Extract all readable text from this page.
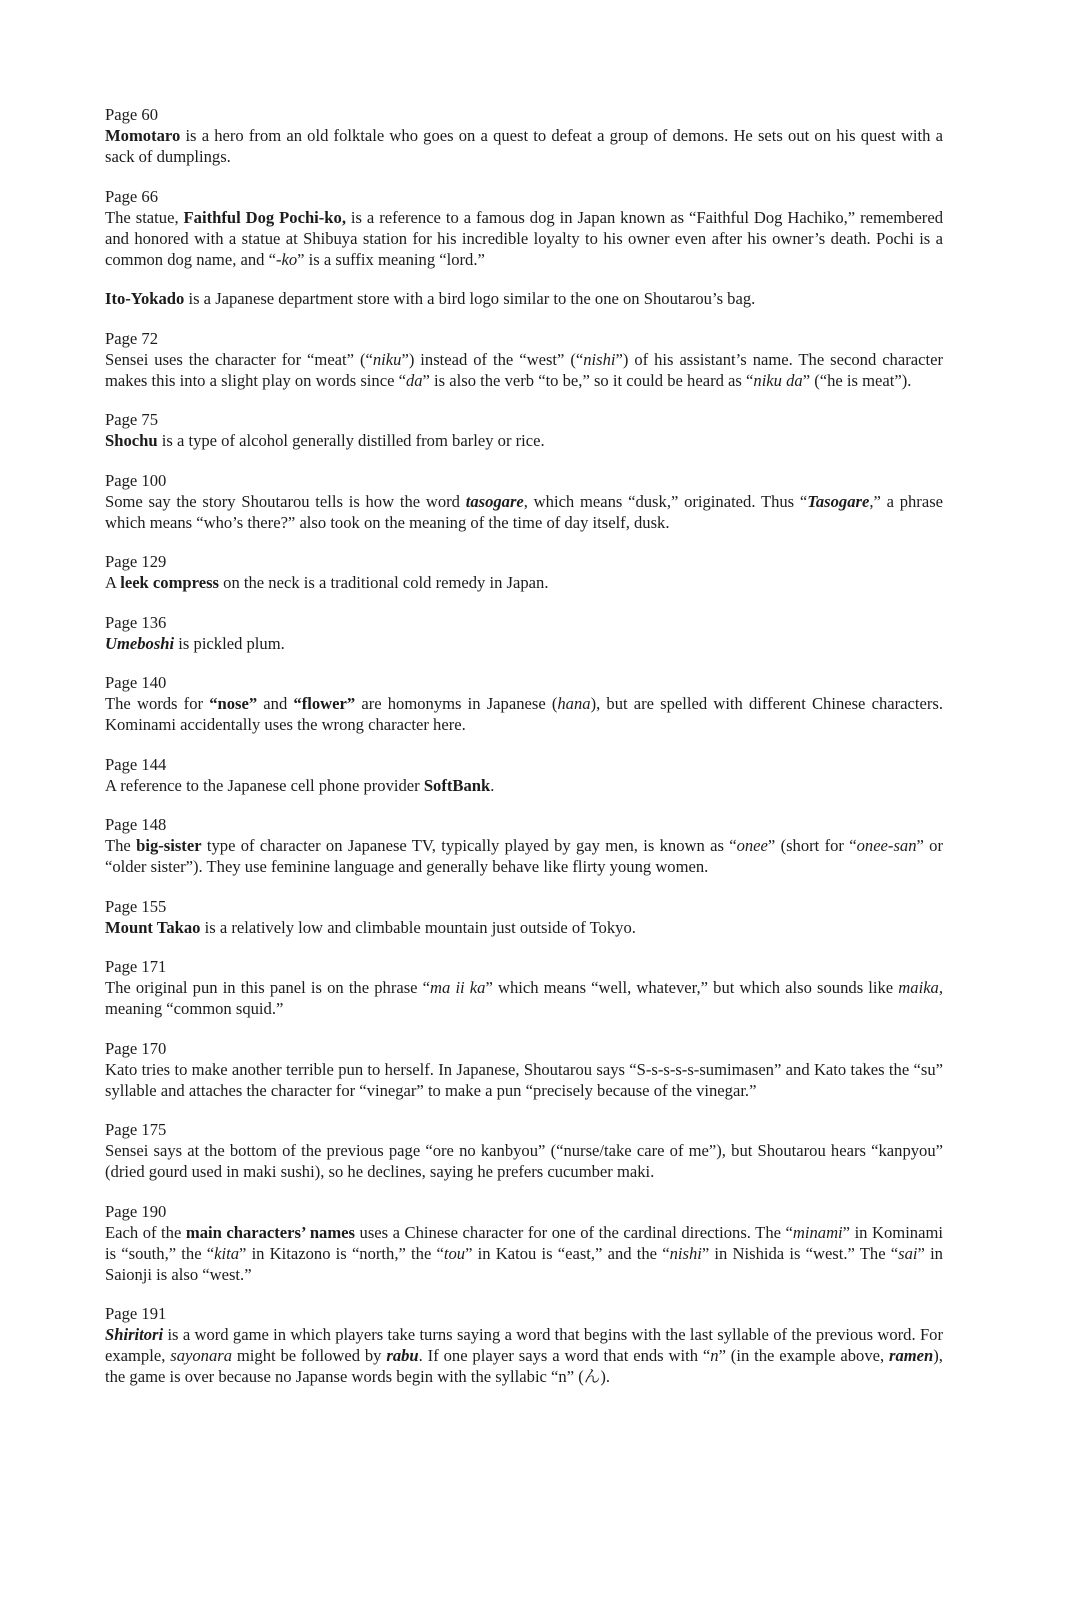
Page 60

Momotaro is a hero from an old folktale who goes on a quest to defeat a group of demons. He sets out on his quest with a sack of dumplings.

Page 66

The statue, Faithful Dog Pochi-ko, is a reference to a famous dog in Japan known as “Faithful Dog Hachiko,” remembered and honored with a statue at Shibuya station for his incredible loyalty to his owner even after his owner’s death. Pochi is a common dog name, and “-ko” is a suffix meaning “lord.”

Ito-Yokado is a Japanese department store with a bird logo similar to the one on Shoutarou’s bag.

Page 72

Sensei uses the character for “meat” (“niku”) instead of the “west” (“nishi”) of his assistant’s name. The second character makes this into a slight play on words since “da” is also the verb “to be,” so it could be heard as “niku da” (“he is meat”).

Page 75

Shochu is a type of alcohol generally distilled from barley or rice.

Page 100

Some say the story Shoutarou tells is how the word tasogare, which means “dusk,” originated. Thus “Tasogare,” a phrase which means “who’s there?” also took on the meaning of the time of day itself, dusk.

Page 129

A leek compress on the neck is a traditional cold remedy in Japan.

Page 136

Umeboshi is pickled plum.

Page 140

The words for “nose” and “flower” are homonyms in Japanese (hana), but are spelled with different Chinese characters. Kominami accidentally uses the wrong character here.

Page 144

A reference to the Japanese cell phone provider SoftBank.

Page 148

The big-sister type of character on Japanese TV, typically played by gay men, is known as “onee” (short for “onee-san” or “older sister”). They use feminine language and generally behave like flirty young women.

Page 155

Mount Takao is a relatively low and climbable mountain just outside of Tokyo.

Page 171

The original pun in this panel is on the phrase “ma ii ka” which means “well, whatever,” but which also sounds like maika, meaning “common squid.”

Page 170

Kato tries to make another terrible pun to herself. In Japanese, Shoutarou says “S-s-s-s-s-sumimasen” and Kato takes the “su” syllable and attaches the character for “vinegar” to make a pun “precisely because of the vinegar.”

Page 175

Sensei says at the bottom of the previous page “ore no kanbyou” (“nurse/take care of me”), but Shoutarou hears “kanpyou” (dried gourd used in maki sushi), so he declines, saying he prefers cucumber maki.

Page 190

Each of the main characters’ names uses a Chinese character for one of the cardinal directions. The “minami” in Kominami is “south,” the “kita” in Kitazono is “north,” the “tou” in Katou is “east,” and the “nishi” in Nishida is “west.” The “sai” in Saionji is also “west.”

Page 191

Shiritori is a word game in which players take turns saying a word that begins with the last syllable of the previous word. For example, sayonara might be followed by rabu. If one player says a word that ends with “n” (in the example above, ramen), the game is over because no Japanse words begin with the syllabic “n” (ん).
